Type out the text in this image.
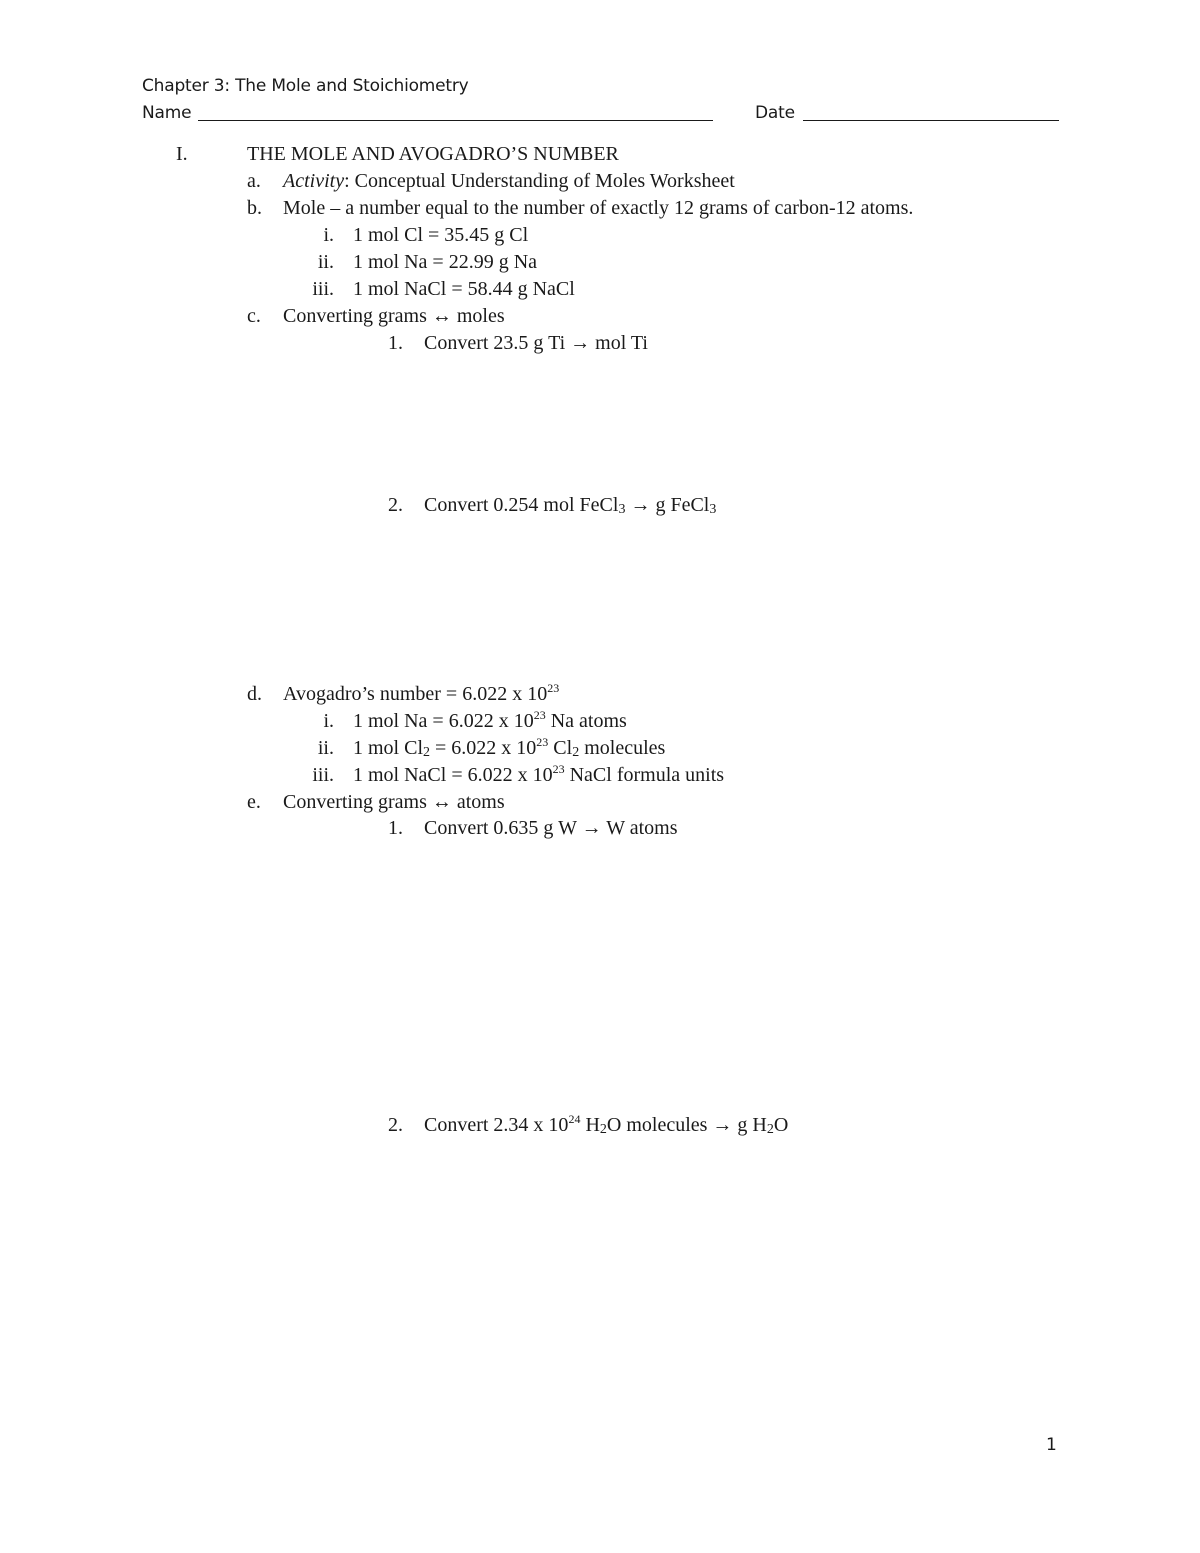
Chapter 3: The Mole and Stoichiometry
Name	Date
I.	THE MOLE AND AVOGADRO’S NUMBER
a. Activity: Conceptual Understanding of Moles Worksheet
b. Mole – a number equal to the number of exactly 12 grams of carbon-12 atoms.
i. 1 mol Cl = 35.45 g Cl
ii. 1 mol Na = 22.99 g Na
iii. 1 mol NaCl = 58.44 g NaCl
c. Converting grams ↔ moles
1. Convert 23.5 g Ti → mol Ti
2. Convert 0.254 mol FeCl$_3$ → g FeCl$_3$
d. Avogadro’s number = 6.022 x $10^{23}$
i. 1 mol Na = 6.022 x $10^{23}$ Na atoms
ii. 1 mol $Cl_2 = 6.022$ x $10^{23}$ $Cl_2$ molecules
iii. 1 mol NaCl = 6.022 x $10^{23}$ NaCl formula units
e. Converting grams ↔ atoms
1. Convert 0.635 g W → W atoms
2. Convert 2.34 x $10^{24}$ $H_2O$ molecules → g $H_2O$
1
